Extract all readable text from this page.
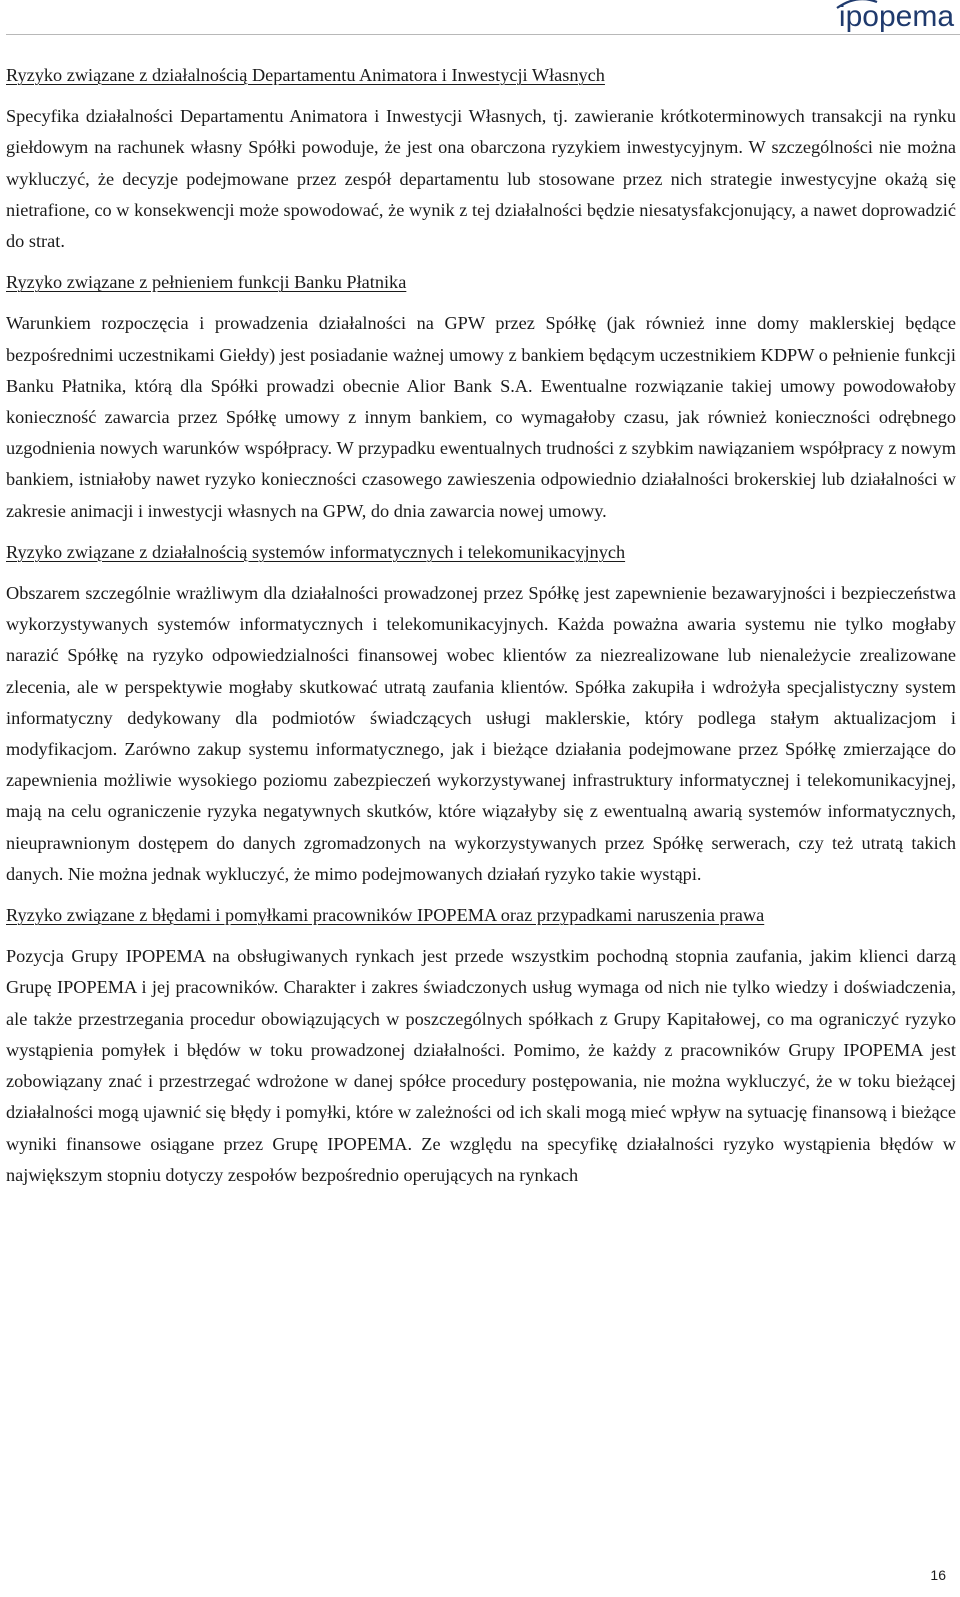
ipopema
Ryzyko związane z działalnością Departamentu Animatora i Inwestycji Własnych

Specyfika działalności Departamentu Animatora i Inwestycji Własnych, tj. zawieranie krótkoterminowych transakcji na rynku giełdowym na rachunek własny Spółki powoduje, że jest ona obarczona ryzykiem inwestycyjnym. W szczególności nie można wykluczyć, że decyzje podejmowane przez zespół departamentu lub stosowane przez nich strategie inwestycyjne okażą się nietrafione, co w konsekwencji może spowodować, że wynik z tej działalności będzie niesatysfakcjonujący, a nawet doprowadzić do strat.

Ryzyko związane z pełnieniem funkcji Banku Płatnika

Warunkiem rozpoczęcia i prowadzenia działalności na GPW przez Spółkę (jak również inne domy maklerskiej będące bezpośrednimi uczestnikami Giełdy) jest posiadanie ważnej umowy z bankiem będącym uczestnikiem KDPW o pełnienie funkcji Banku Płatnika, którą dla Spółki prowadzi obecnie Alior Bank S.A. Ewentualne rozwiązanie takiej umowy powodowałoby konieczność zawarcia przez Spółkę umowy z innym bankiem, co wymagałoby czasu, jak również konieczności odrębnego uzgodnienia nowych warunków współpracy. W przypadku ewentualnych trudności z szybkim nawiązaniem współpracy z nowym bankiem, istniałoby nawet ryzyko konieczności czasowego zawieszenia odpowiednio działalności brokerskiej lub działalności w zakresie animacji i inwestycji własnych na GPW, do dnia zawarcia nowej umowy.

Ryzyko związane z działalnością systemów informatycznych i telekomunikacyjnych

Obszarem szczególnie wrażliwym dla działalności prowadzonej przez Spółkę jest zapewnienie bezawaryjności i bezpieczeństwa wykorzystywanych systemów informatycznych i telekomunikacyjnych. Każda poważna awaria systemu nie tylko mogłaby narazić Spółkę na ryzyko odpowiedzialności finansowej wobec klientów za niezrealizowane lub nienależycie zrealizowane zlecenia, ale w perspektywie mogłaby skutkować utratą zaufania klientów. Spółka zakupiła i wdrożyła specjalistyczny system informatyczny dedykowany dla podmiotów świadczących usługi maklerskie, który podlega stałym aktualizacjom i modyfikacjom. Zarówno zakup systemu informatycznego, jak i bieżące działania podejmowane przez Spółkę zmierzające do zapewnienia możliwie wysokiego poziomu zabezpieczeń wykorzystywanej infrastruktury informatycznej i telekomunikacyjnej, mają na celu ograniczenie ryzyka negatywnych skutków, które wiązałyby się z ewentualną awarią systemów informatycznych, nieuprawnionym dostępem do danych zgromadzonych na wykorzystywanych przez Spółkę serwerach, czy też utratą takich danych. Nie można jednak wykluczyć, że mimo podejmowanych działań ryzyko takie wystąpi.

Ryzyko związane z błędami i pomyłkami pracowników IPOPEMA oraz przypadkami naruszenia prawa

Pozycja Grupy IPOPEMA na obsługiwanych rynkach jest przede wszystkim pochodną stopnia zaufania, jakim klienci darzą Grupę IPOPEMA i jej pracowników. Charakter i zakres świadczonych usług wymaga od nich nie tylko wiedzy i doświadczenia, ale także przestrzegania procedur obowiązujących w poszczególnych spółkach z Grupy Kapitałowej, co ma ograniczyć ryzyko wystąpienia pomyłek i błędów w toku prowadzonej działalności. Pomimo, że każdy z pracowników Grupy IPOPEMA jest zobowiązany znać i przestrzegać wdrożone w danej spółce procedury postępowania, nie można wykluczyć, że w toku bieżącej działalności mogą ujawnić się błędy i pomyłki, które w zależności od ich skali mogą mieć wpływ na sytuację finansową i bieżące wyniki finansowe osiągane przez Grupę IPOPEMA. Ze względu na specyfikę działalności ryzyko wystąpienia błędów w największym stopniu dotyczy zespołów bezpośrednio operujących na rynkach

16
